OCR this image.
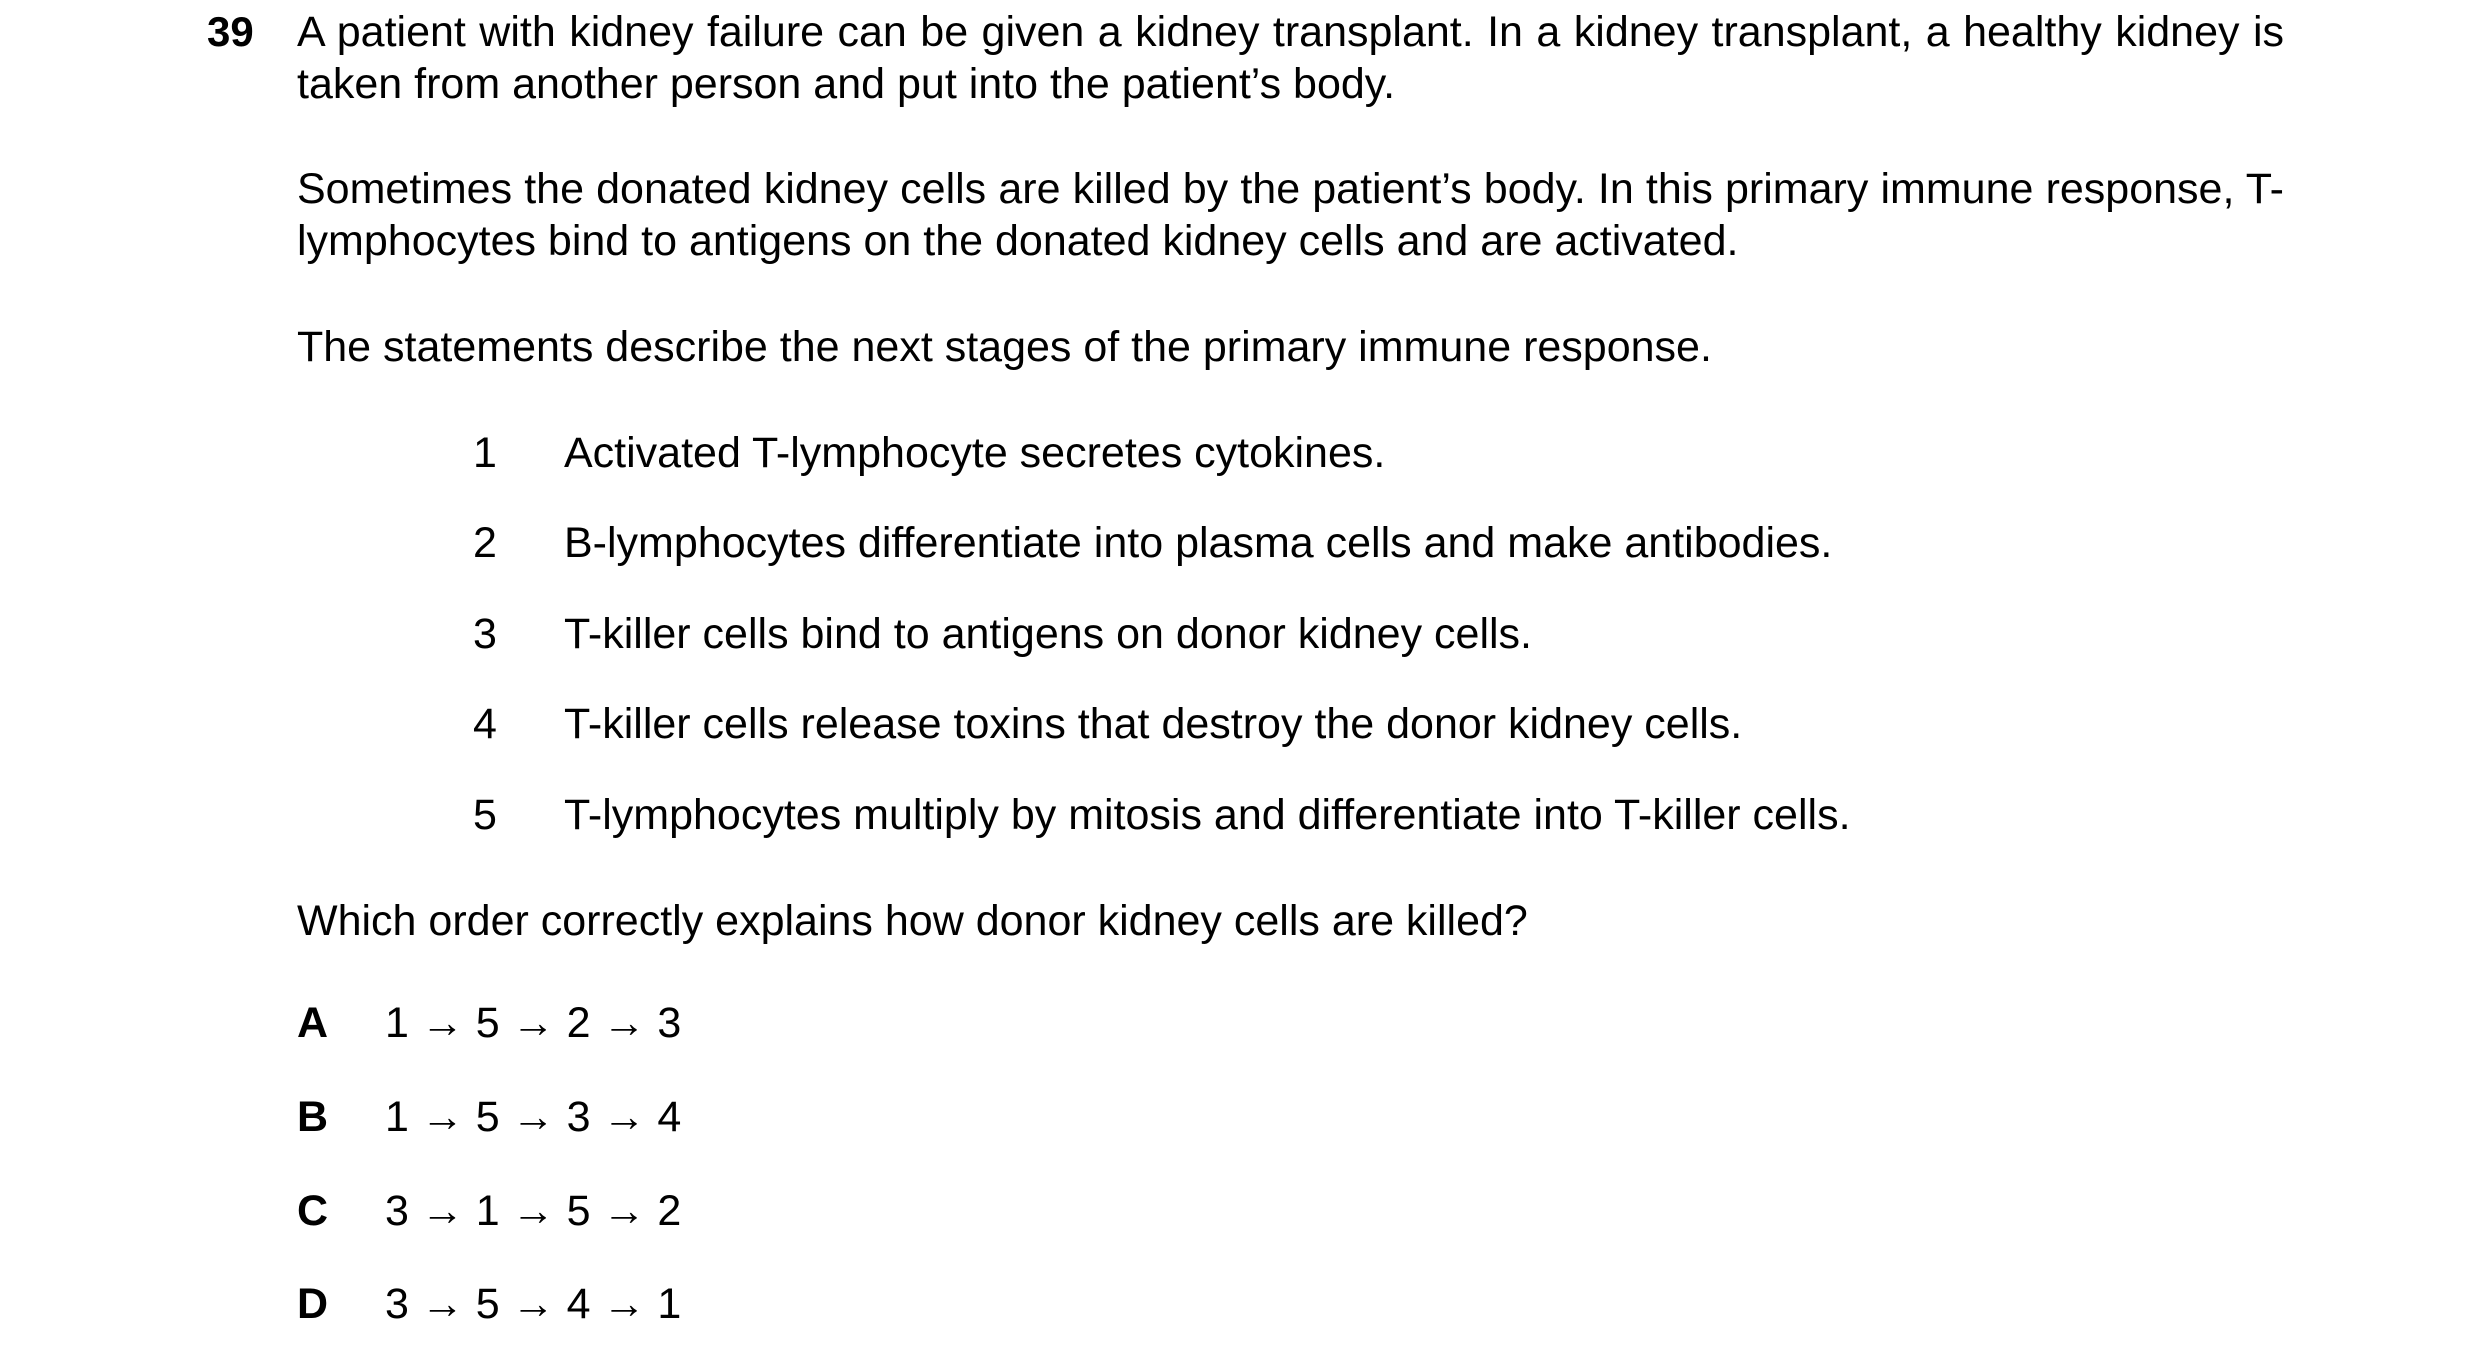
39 A patient with kidney failure can be given a kidney transplant. In a kidney transplant, a healthy kidney is taken from another person and put into the patient’s body.
Sometimes the donated kidney cells are killed by the patient’s body. In this primary immune response, T-lymphocytes bind to antigens on the donated kidney cells and are activated.
The statements describe the next stages of the primary immune response.
1 Activated T-lymphocyte secretes cytokines.
2 B-lymphocytes differentiate into plasma cells and make antibodies.
3 T-killer cells bind to antigens on donor kidney cells.
4 T-killer cells release toxins that destroy the donor kidney cells.
5 T-lymphocytes multiply by mitosis and differentiate into T-killer cells.
Which order correctly explains how donor kidney cells are killed?
A 1 → 5 → 2 → 3
B 1 → 5 → 3 → 4
C 3 → 1 → 5 → 2
D 3 → 5 → 4 → 1
